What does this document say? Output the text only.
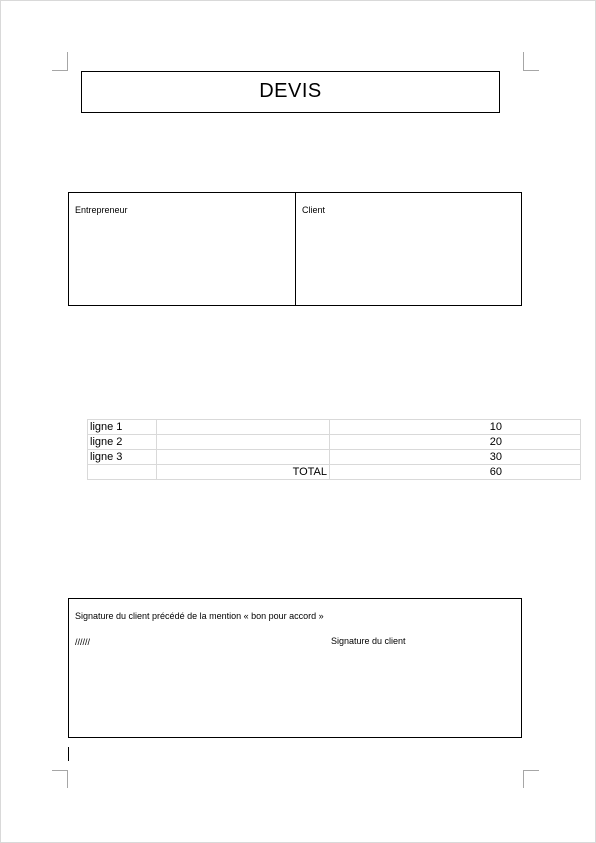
DEVIS
Entrepreneur	Client
ligne 1		10
ligne 2		20
ligne 3		30
	TOTAL	60
Signature du client précédé de la mention « bon pour accord »
//////	Signature du client
